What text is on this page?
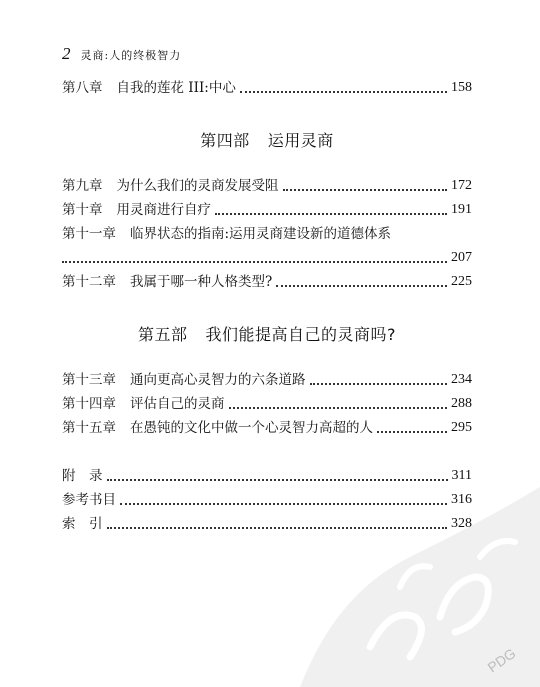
2 灵商:人的终极智力
第八章 自我的莲花 III:中心	158
第四部 运用灵商
第九章 为什么我们的灵商发展受阻	172
第十章 用灵商进行自疗	191
第十一章 临界状态的指南:运用灵商建设新的道德体系
207
第十二章 我属于哪一种人格类型?	225
第五部 我们能提高自己的灵商吗?
第十三章 通向更高心灵智力的六条道路	234
第十四章 评估自己的灵商	288
第十五章 在愚钝的文化中做一个心灵智力高超的人	295
附　录	311
参考书目	316
索　引	328
PDG
